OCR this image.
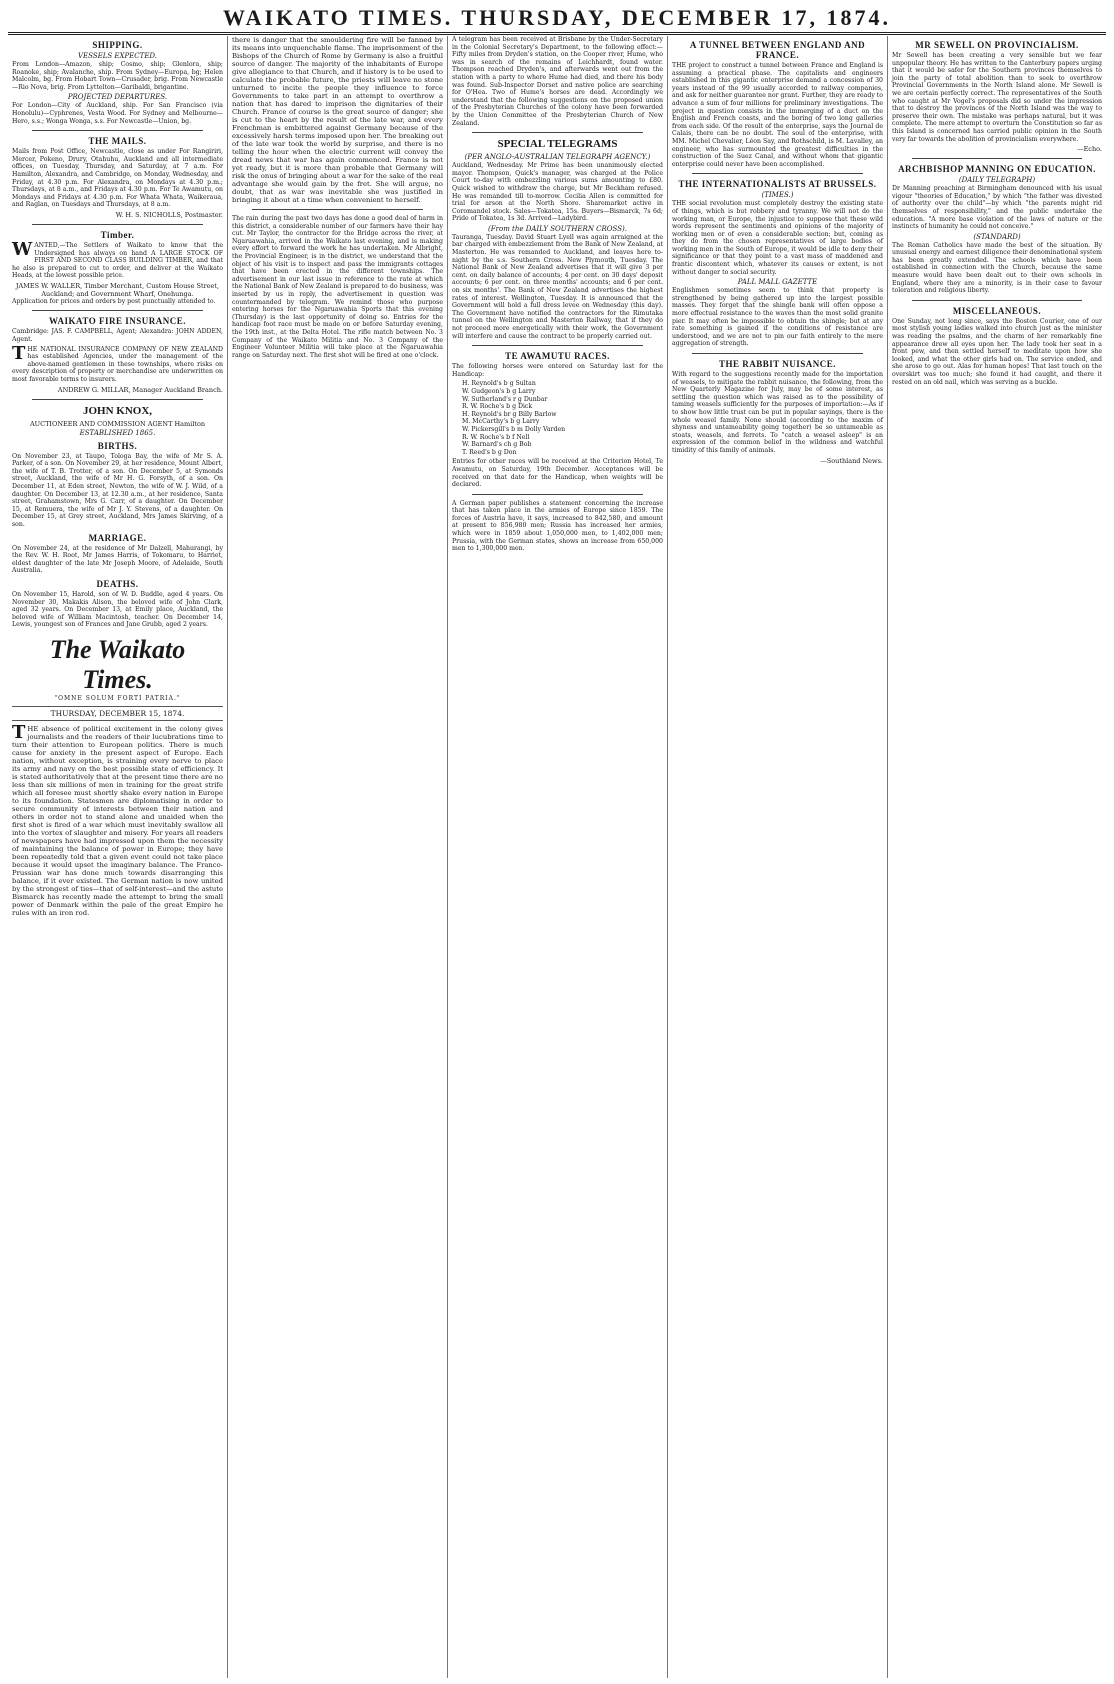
WAIKATO TIMES. THURSDAY, DECEMBER 17, 1874.
SHIPPING.
VESSELS EXPECTED.

From London—Amazon, ship; Cosmo, ship; Glenlora, ship; Roanoke, ship; Avalanche, ship. From Sydney—Europa, bg; Helen Malcolm, bg. From Hobart Town—Crusader, brig. From Newcastle—Rio Nova, brig. From Lyttelton—Garibaldi, brigantine.

PROJECTED DEPARTURES.

For London—City of Auckland, ship. For San Francisco (via Honolulu)—Cyphrenes, Vesta Wood. For Sydney and Melbourne—Hero, s.s.; Wonga Wonga, s.s. For Newcastle—Union, bg.

THE MAILS.

Mails from Post Office, Newcastle, close as under For Rangiriri, Mercer, Pokeno, Drury, Otahuhu, Auckland and all intermediate offices, on Tuesday, Thursday, and Saturday, at 7 a.m. For Hamilton, Alexandra, and Cambridge, on Monday, Wednesday, and Friday, at 4.30 p.m. For Alexandra, on Mondays at 4.30 p.m.; Thursdays, at 8 a.m., and Fridays at 4.30 p.m. For Te Awamutu, on Mondays and Fridays at 4.30 p.m. For Whata Whata, Waikeraua, and Raglan, on Tuesdays and Thursdays, at 8 a.m.

W. H. S. NICHOLLS, Postmaster.
Timber.

WANTED,—The Settlers of Waikato to know that the Undersigned has always on hand A LARGE STOCK OF FIRST AND SECOND CLASS BUILDING TIMBER, and that he also is prepared to cut to order, and deliver at the Waikato Heads, at the lowest possible price.

JAMES W. WALLER, Timber Merchant, Custom House Street, Auckland; and Government Wharf, Onehunga.

Application for prices and orders by post punctually attended to.

WAIKATO FIRE INSURANCE.

Cambridge: JAS. F. CAMPBELL, Agent; Alexandra: JOHN ADDEN, Agent.

THE NATIONAL INSURANCE COMPANY OF NEW ZEALAND has established Agencies, under the management of the above-named gentlemen in these townships, where risks on every description of property or merchandise are underwritten on most favorable terms to insurers.

ANDREW G. MILLAR, Manager Auckland Branch.
JOHN KNOX,
AUCTIONEER AND COMMISSION AGENT Hamilton
ESTABLISHED 1865.
BIRTHS.

On November 23, at Taupo, Tologa Bay, the wife of Mr S. A. Parker, of a son. On November 29, at her residence, Mount Albert, the wife of T. B. Trotter, of a son. On December 5, at Symonds street, Auckland, the wife of Mr H. G. Forsyth, of a son. On December 11, at Eden street, Newton, the wife of W. J. Wild, of a daughter. On December 13, at 12.30 a.m., at her residence, Santa street, Grahamstown, Mrs G. Carr, of a daughter. On December 15, at Remuera, the wife of Mr J. Y. Stevens, of a daughter. On December 15, at Grey street, Auckland, Mrs James Skirving, of a son.

MARRIAGE.

On November 24, at the residence of Mr Dalzell, Mahurangi, by the Rev. W. H. Root, Mr James Harris, of Tokomaru, to Harriet, eldest daughter of the late Mr Joseph Moore, of Adelaide, South Australia.

DEATHS.

On November 15, Harold, son of W. D. Buddle, aged 4 years. On November 30, Makakis Alison, the beloved wife of John Clark, aged 32 years. On December 13, at Emily place, Auckland, the beloved wife of William Macintosh, teacher. On December 14, Lewis, youngest son of Frances and Jane Grubb, aged 2 years.

The Waikato Times.
"OMNE SOLUM FORTI PATRIA."
THURSDAY, DECEMBER 15, 1874.

THE absence of political excitement in the colony gives journalists and the readers of their lucubrations time to turn their attention to European politics. There is much cause for anxiety in the present aspect of Europe. Each nation, without exception, is straining every nerve to place its army and navy on the best possible state of efficiency. It is stated authoritatively that at the present time there are no less than six millions of men in training for the great strife which all foresee must shortly shake every nation in Europe to its foundation. Statesmen are diplomatising in order to secure community of interests between their nation and others in order not to stand alone and unaided when the first shot is fired of a war which must inevitably swallow all into the vortex of slaughter and misery. For years all readers of newspapers have had impressed upon them the necessity of maintaining the balance of power in Europe; they have been repeatedly told that a given event could not take place because it would upset the imaginary balance. The Franco-Prussian war has done much towards disarranging this balance, if it ever existed. The German nation is now united by the strongest of ties—that of self-interest—and the astute Bismarck has recently made the attempt to bring the small power of Denmark within the pale of the great Empire he rules with an iron rod.

there is danger that the smouldering fire will be fanned by its means into unquenchable flame. The imprisonment of the Bishops of the Church of Rome by Germany is also a fruitful source of danger. The majority of the inhabitants of Europe give allegiance to that Church, and if history is to be used to calculate the probable future, the priests will leave no stone unturned to incite the people they influence to force Governments to take part in an attempt to overthrow a nation that has dared to imprison the dignitaries of their Church. France of course is the great source of danger; she is cut to the heart by the result of the late war, and every Frenchman is embittered against Germany because of the excessively harsh terms imposed upon her. The breaking out of the late war took the world by surprise, and there is no telling the hour when the electric current will convey the dread news that war has again commenced. France is not yet ready, but it is more than probable that Germany will risk the onus of bringing about a war for the sake of the real advantage she would gain by the fret. She will argue, no doubt, that as war was inevitable she was justified in bringing it about at a time when convenient to herself.

The rain during the past two days has done a good deal of harm in this district, a considerable number of our farmers have their hay cut. Mr Taylor, the contractor for the Bridge across the river, at Ngaruawahia, arrived in the Waikato last evening, and is making every effort to forward the work he has undertaken. Mr Albright, the Provincial Engineer, is in the district, we understand that the object of his visit is to inspect and pass the immigrants cottages that have been erected in the different townships. The advertisement in our last issue in reference to the rate at which the National Bank of New Zealand is prepared to do business, was inserted by us in reply, the advertisement in question was countermanded by telegram. We remind those who purpose entering horses for the Ngaruawahia Sports that this evening (Thursday) is the last opportunity of doing so. Entries for the handicap foot race must be made on or before Saturday evening, the 19th inst., at the Delta Hotel. The rifle match between No. 3 Company of the Waikato Militia and No. 3 Company of the Engineer Volunteer Militia will take place at the Ngaruawahia range on Saturday next. The first shot will be fired at one o'clock.

A telegram has been received at Brisbane by the Under-Secretary in the Colonial Secretary's Department, to the following effect:—Fifty miles from Dryden's station, on the Cooper river, Hume, who was in search of the remains of Leichhardt, found water. Thompson reached Dryden's, and afterwards went out from the station with a party to where Hume had died, and there his body was found. Sub-Inspector Dorset and native police are searching for O'Hea. Two of Hume's horses are dead. Accordingly we understand that the following suggestions on the proposed union of the Presbyterian Churches of the colony have been forwarded by the Union Committee of the Presbyterian Church of New Zealand.

SPECIAL TELEGRAMS
(PER ANGLO-AUSTRALIAN TELEGRAPH AGENCY.)

Auckland, Wednesday. Mr Prime has been unanimously elected mayor. Thompson, Quick's manager, was charged at the Police Court to-day with embezzling various sums amounting to £80. Quick wished to withdraw the charge, but Mr Beckham refused. He was remanded till to-morrow. Cecilia Allen is committed for trial for arson at the North Shore. Sharemarket active in Coromandel stock. Sales—Tokatea, 15s. Buyers—Bismarck, 7s 6d; Pride of Tokatea, 1s 3d. Arrived—Ladybird.

(From the DAILY SOUTHERN CROSS).

Tauranga, Tuesday. David Stuart Lyell was again arraigned at the bar charged with embezzlement from the Bank of New Zealand, at Masterton. He was remanded to Auckland, and leaves here to-night by the s.s. Southern Cross. New Plymouth, Tuesday. The National Bank of New Zealand advertises that it will give 3 per cent. on daily balance of accounts; 4 per cent. on 30 days' deposit accounts; 6 per cent. on three months' accounts; and 6 per cent. on six months'. The Bank of New Zealand advertises the highest rates of interest. Wellington, Tuesday. It is announced that the Government will hold a full dress levee on Wednesday (this day). The Government have notified the contractors for the Rimutaka tunnel on the Wellington and Masterton Railway, that if they do not proceed more energetically with their work, the Government will interfere and cause the contract to be properly carried out.

TE AWAMUTU RACES.

The following horses were entered on Saturday last for the Handicap:

H. Reynold's b g Sultan
W. Gudgeon's b g Larry
W. Sutherland's r g Dunbar
R. W. Roche's b g Dick
H. Reynold's br g Billy Barlow
M. McCarthy's b g Larry
W. Pickersgill's b m Dolly Varden
R. W. Roche's b f Nell
W. Barnard's ch g Bob
T. Reed's b g Don

Entries for other races will be received at the Criterion Hotel, Te Awamutu, on Saturday, 19th December. Acceptances will be received on that date for the Handicap, when weights will be declared.

A German paper publishes a statement concerning the increase that has taken place in the armies of Europe since 1859. The forces of Austria have, it says, increased to 842,580, and amount at present to 856,980 men; Russia has increased her armies, which were in 1859 about 1,050,000 men, to 1,402,000 men; Prussia, with the German states, shows an increase from 650,000 men to 1,300,000 men.

A TUNNEL BETWEEN ENGLAND AND FRANCE.

THE project to construct a tunnel between France and England is assuming a practical phase. The capitalists and engineers established in this gigantic enterprise demand a concession of 30 years instead of the 99 usually accorded to railway companies, and ask for neither guarantee nor grant. Further, they are ready to advance a sum of four millions for preliminary investigations. The project in question consists in the immerging of a duct on the English and French coasts, and the boring of two long galleries from each side. Of the result of the enterprise, says the Journal de Calais, there can be no doubt. The soul of the enterprise, with MM. Michel Chevalier, Léon Say, and Rothschild, is M. Lavalley, an engineer, who has surmounted the greatest difficulties in the construction of the Suez Canal, and without whom that gigantic enterprise could never have been accomplished.

THE INTERNATIONALISTS AT BRUSSELS.
(TIMES.)

THE social revolution must completely destroy the existing state of things, which is but robbery and tyranny. We will not do the working man, or Europe, the injustice to suppose that these wild words represent the sentiments and opinions of the majority of working men or of even a considerable section; but, coming as they do from the chosen representatives of large bodies of working men in the South of Europe, it would be idle to deny their significance or that they point to a vast mass of maddened and frantic discontent which, whatever its causes or extent, is not without danger to social security.

PALL MALL GAZETTE

Englishmen sometimes seem to think that property is strengthened by being gathered up into the largest possible masses. They forget that the shingle bank will often oppose a more effectual resistance to the waves than the most solid granite pier. It may often be impossible to obtain the shingle; but at any rate something is gained if the conditions of resistance are understood, and we are not to pin our faith entirely to the mere aggregation of strength.

THE RABBIT NUISANCE.

With regard to the suggestions recently made for the importation of weasels, to mitigate the rabbit nuisance, the following, from the New Quarterly Magazine for July, may be of some interest, as settling the question which was raised as to the possibility of taming weasels sufficiently for the purposes of importation:—As if to show how little trust can be put in popular sayings, there is the whole weasel family. None should (according to the maxim of shyness and untameability going together) be so untameable as stoats, weasels, and ferrets. To "catch a weasel asleep" is an expression of the common belief in the wildness and watchful timidity of this family of animals.

—Southland News.
MR SEWELL ON PROVINCIALISM.

Mr Sewell has been creating a very sensible but we fear unpopular theory. He has written to the Canterbury papers urging that it would be safer for the Southern provinces themselves to join the party of total abolition than to seek to overthrow Provincial Governments in the North Island alone. Mr Sewell is we are certain perfectly correct. The representatives of the South who caught at Mr Vogel's proposals did so under the impression that to destroy the provinces of the North Island was the way to preserve their own. The mistake was perhaps natural, but it was complete. The mere attempt to overturn the Constitution so far as this Island is concerned has carried public opinion in the South very far towards the abolition of provincialism everywhere.

—Echo.
ARCHBISHOP MANNING ON EDUCATION.
(DAILY TELEGRAPH)

Dr Manning preaching at Birmingham denounced with his usual vigour "theories of Education," by which "the father was divested of authority over the child"—by which "the parents might rid themselves of responsibility," and the public undertake the education. "A more base violation of the laws of nature or the instincts of humanity he could not conceive."

(STANDARD)

The Roman Catholics have made the best of the situation. By unusual energy and earnest diligence their denominational system has been greatly extended. The schools which have been established in connection with the Church, because the same measure would have been dealt out to their own schools in England, where they are a minority, is in their case to favour toleration and religious liberty.

MISCELLANEOUS.

One Sunday, not long since, says the Boston Courier, one of our most stylish young ladies walked into church just as the minister was reading the psalms, and the charm of her remarkably fine appearance drew all eyes upon her. The lady took her seat in a front pew, and then settled herself to meditate upon how she looked, and what the other girls had on. The service ended, and she arose to go out. Alas for human hopes! That last touch on the overskirt was too much; she found it had caught, and there it rested on an old nail, which was serving as a buckle.
